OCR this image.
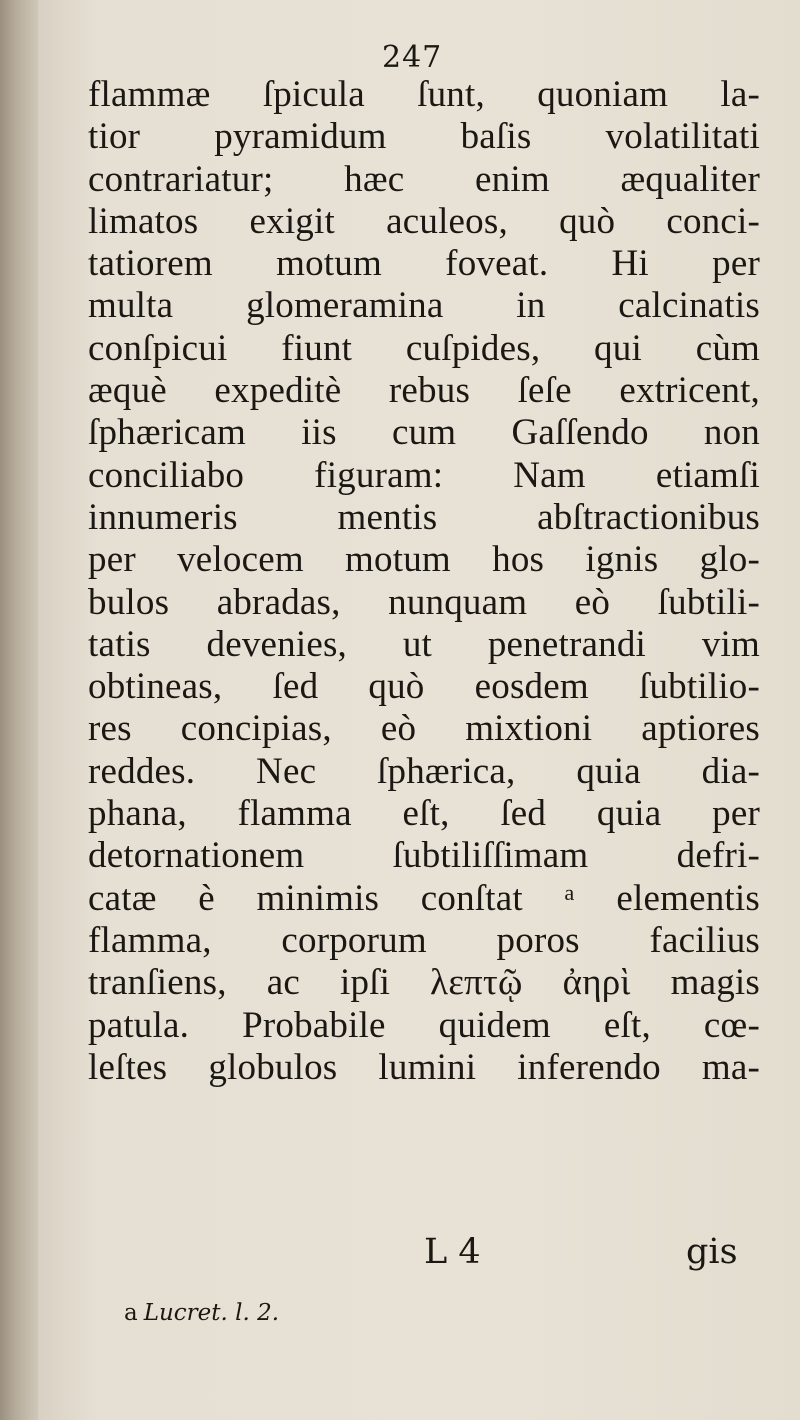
247
flammæ ſpicula ſunt, quoniam la-
tior pyramidum baſis volatilitati
contrariatur; hæc enim æqualiter
limatos exigit aculeos, quò conci-
tatiorem motum foveat. Hi per
multa glomeramina in calcinatis
conſpicui fiunt cuſpides, qui cùm
æquè expeditè rebus ſeſe extricent,
ſphæricam iis cum Gaſſendo non
conciliabo figuram: Nam etiamſi
innumeris mentis abſtractionibus
per velocem motum hos ignis glo-
bulos abradas, nunquam eò ſubtili-
tatis devenies, ut penetrandi vim
obtineas, ſed quò eosdem ſubtilio-
res concipias, eò mixtioni aptiores
reddes. Nec ſphærica, quia dia-
phana, flamma eſt, ſed quia per
detornationem ſubtiliſſimam defri-
catæ è minimis conſtat ᵃ elementis
flamma, corporum poros facilius
tranſiens, ac ipſi λεπτῷ ἀηρὶ magis
patula. Probabile quidem eſt, cœ-
leſtes globulos lumini inferendo ma-
L 4	gis
a Lucret. l. 2.
